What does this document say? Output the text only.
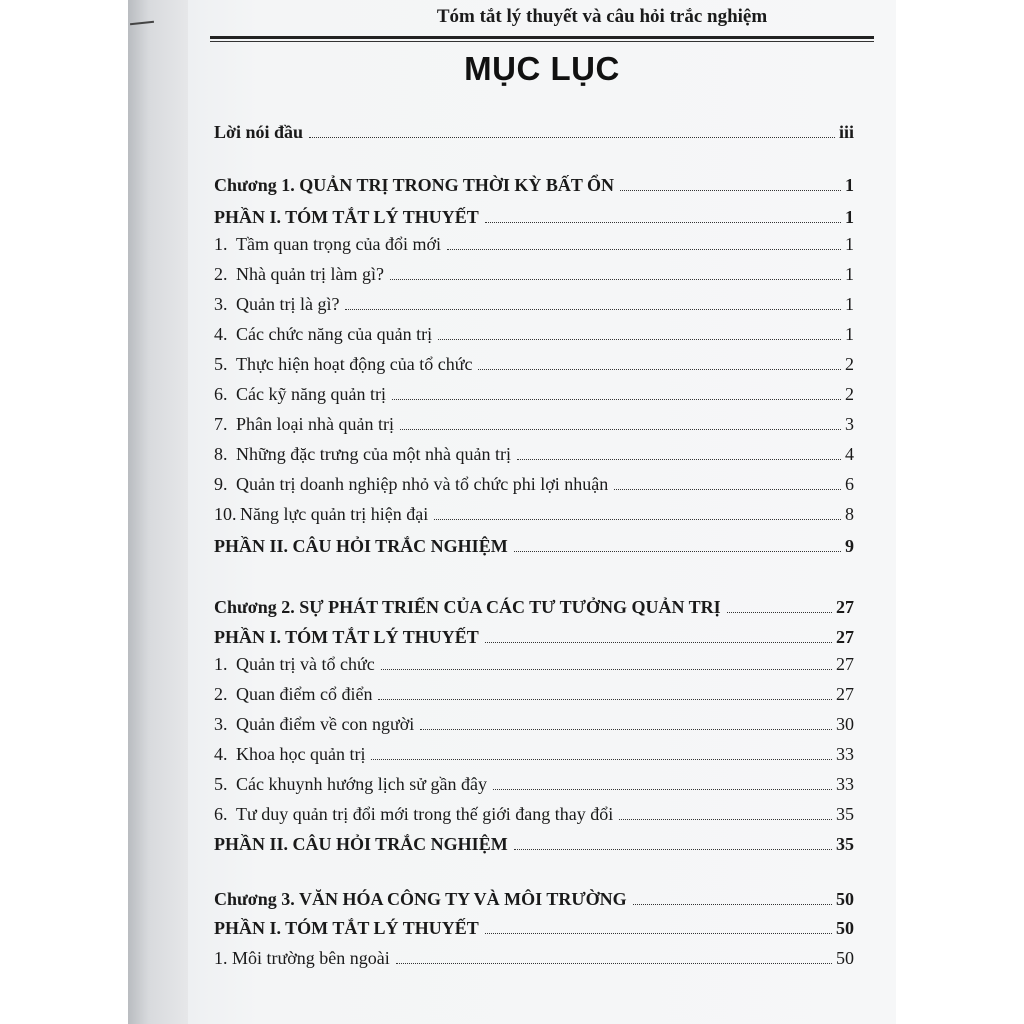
Tóm tắt lý thuyết và câu hỏi trắc nghiệm
MỤC LỤC
Lời nói đầu	iii
Chương 1. QUẢN TRỊ TRONG THỜI KỲ BẤT ỔN	1
PHẦN I. TÓM TẮT LÝ THUYẾT	1
1. Tầm quan trọng của đổi mới	1
2. Nhà quản trị làm gì?	1
3. Quản trị là gì?	1
4. Các chức năng của quản trị	1
5. Thực hiện hoạt động của tổ chức	2
6. Các kỹ năng quản trị	2
7. Phân loại nhà quản trị	3
8. Những đặc trưng của một nhà quản trị	4
9. Quản trị doanh nghiệp nhỏ và tổ chức phi lợi nhuận	6
10. Năng lực quản trị hiện đại	8
PHẦN II. CÂU HỎI TRẮC NGHIỆM	9
Chương 2. SỰ PHÁT TRIỂN CỦA CÁC TƯ TƯỞNG QUẢN TRỊ	27
PHẦN I. TÓM TẮT LÝ THUYẾT	27
1. Quản trị và tổ chức	27
2. Quan điểm cổ điển	27
3. Quản điểm về con người	30
4. Khoa học quản trị	33
5. Các khuynh hướng lịch sử gần đây	33
6. Tư duy quản trị đổi mới trong thế giới đang thay đổi	35
PHẦN II. CÂU HỎI TRẮC NGHIỆM	35
Chương 3. VĂN HÓA CÔNG TY VÀ MÔI TRƯỜNG	50
PHẦN I. TÓM TẮT LÝ THUYẾT	50
1. Môi trường bên ngoài	50
